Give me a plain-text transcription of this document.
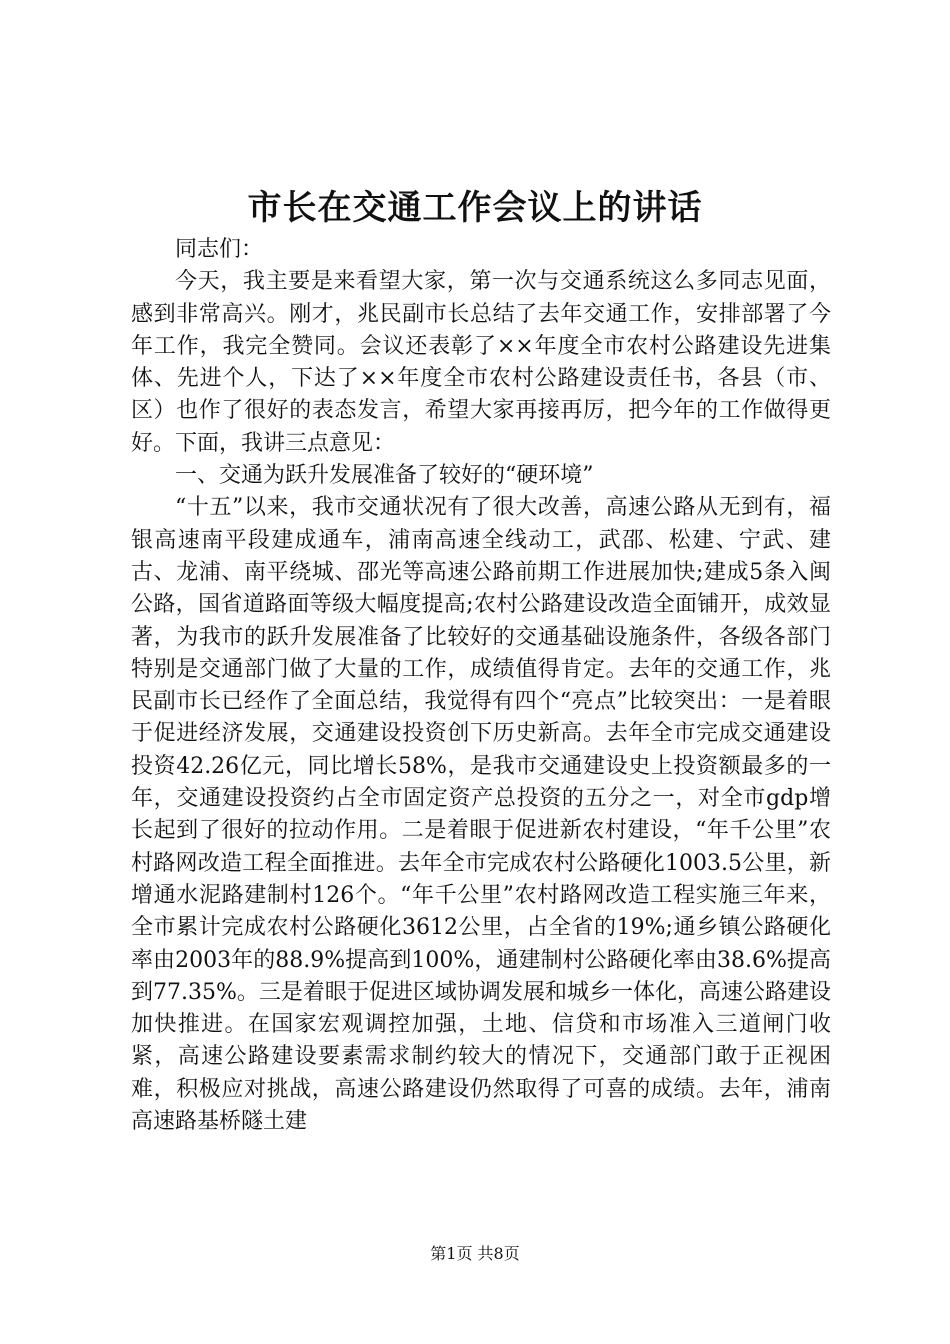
市长在交通工作会议上的讲话

同志们：

今天，我主要是来看望大家，第一次与交通系统这么多同志见面，感到非常高兴。刚才，兆民副市长总结了去年交通工作，安排部署了今年工作，我完全赞同。会议还表彰了××年度全市农村公路建设先进集体、先进个人，下达了××年度全市农村公路建设责任书，各县（市、区）也作了很好的表态发言，希望大家再接再厉，把今年的工作做得更好。下面，我讲三点意见：

一、交通为跃升发展准备了较好的“硬环境”

“十五”以来，我市交通状况有了很大改善，高速公路从无到有，福银高速南平段建成通车，浦南高速全线动工，武邵、松建、宁武、建古、龙浦、南平绕城、邵光等高速公路前期工作进展加快;建成5条入闽公路，国省道路面等级大幅度提高;农村公路建设改造全面铺开，成效显著，为我市的跃升发展准备了比较好的交通基础设施条件，各级各部门特别是交通部门做了大量的工作，成绩值得肯定。去年的交通工作，兆民副市长已经作了全面总结，我觉得有四个“亮点”比较突出：一是着眼于促进经济发展，交通建设投资创下历史新高。去年全市完成交通建设投资42.26亿元，同比增长58%，是我市交通建设史上投资额最多的一年，交通建设投资约占全市固定资产总投资的五分之一，对全市gdp增长起到了很好的拉动作用。二是着眼于促进新农村建设，“年千公里”农村路网改造工程全面推进。去年全市完成农村公路硬化1003.5公里，新增通水泥路建制村126个。“年千公里”农村路网改造工程实施三年来，全市累计完成农村公路硬化3612公里，占全省的19%;通乡镇公路硬化率由2003年的88.9%提高到100%，通建制村公路硬化率由38.6%提高到77.35%。三是着眼于促进区域协调发展和城乡一体化，高速公路建设加快推进。在国家宏观调控加强，土地、信贷和市场准入三道闸门收紧，高速公路建设要素需求制约较大的情况下，交通部门敢于正视困难，积极应对挑战，高速公路建设仍然取得了可喜的成绩。去年，浦南高速路基桥隧土建

第1页 共8页
